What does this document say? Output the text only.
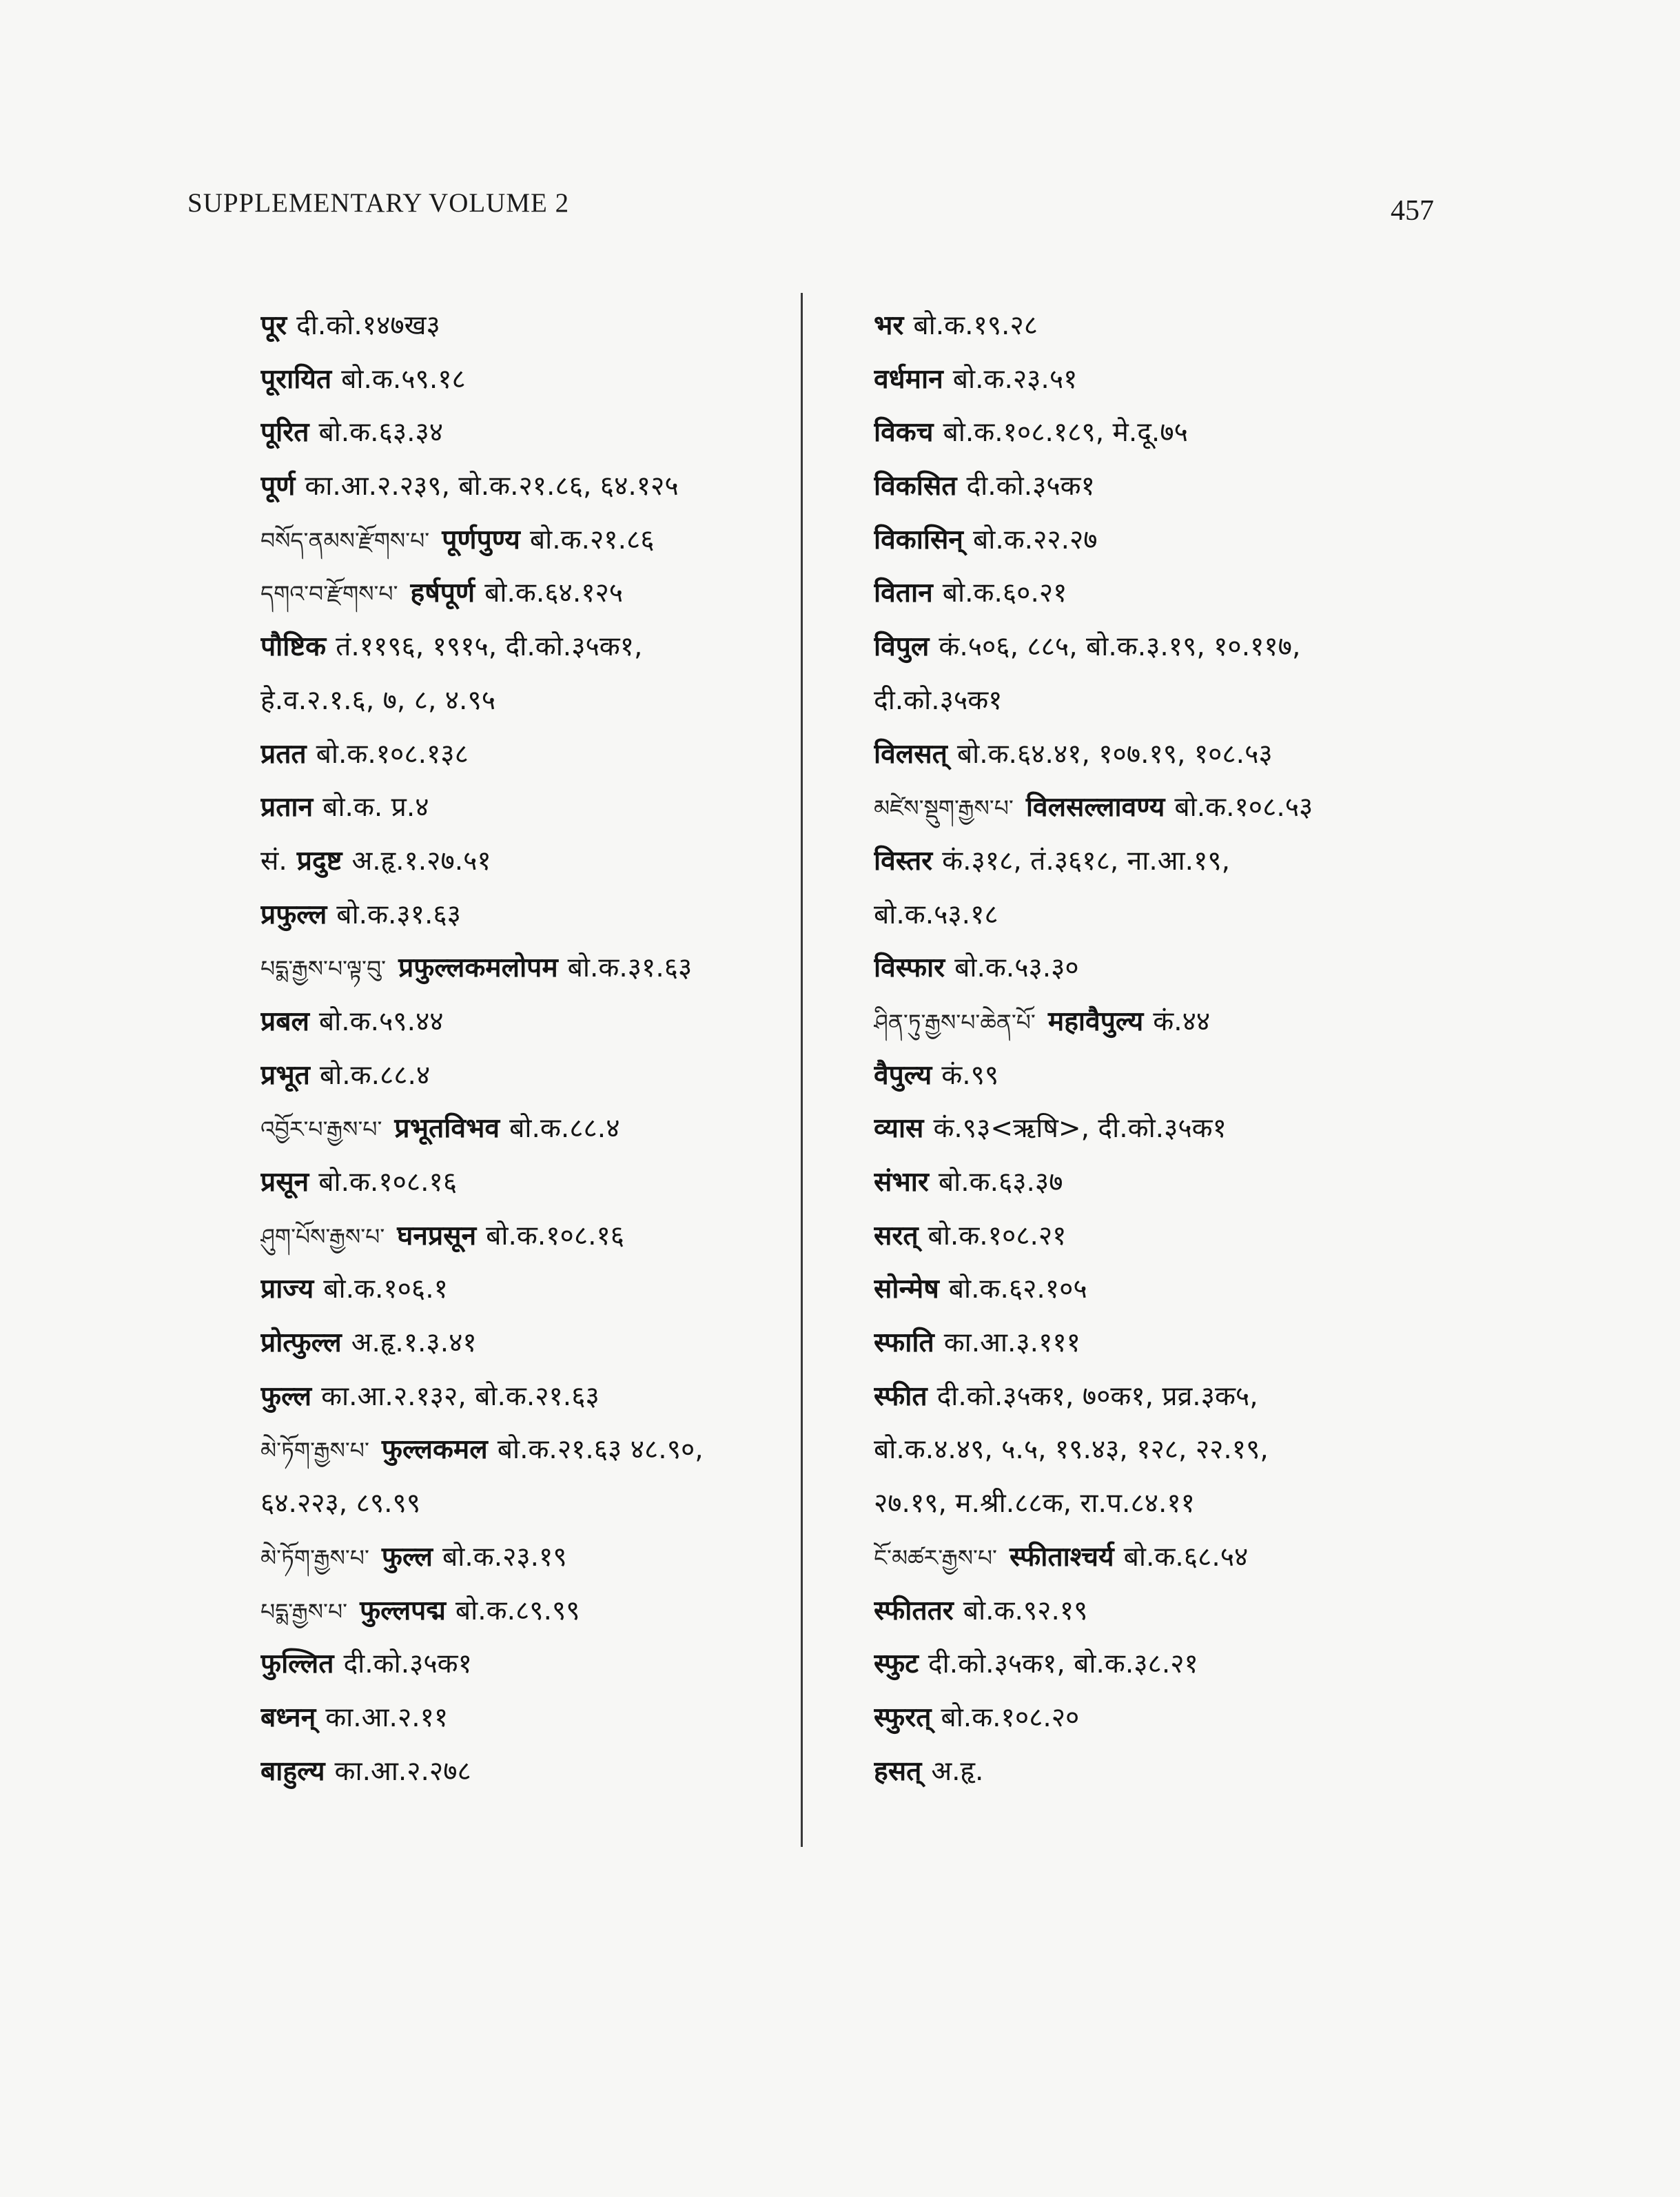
SUPPLEMENTARY VOLUME 2	457
पूर दी.को.१४७ख३
पूरायित बो.क.५९.१८
पूरित बो.क.६३.३४
पूर्ण का.आ.२.२३९, बो.क.२१.८६, ६४.१२५
བསོད་ནམས་རྫོགས་པ་ पूर्णपुण्य बो.क.२१.८६
དགའ་བ་རྫོགས་པ་ हर्षपूर्ण बो.क.६४.१२५
पौष्टिक तं.११९६, १९१५, दी.को.३५क१,
हे.व.२.१.६, ७, ८, ४.९५
प्रतत बो.क.१०८.१३८
प्रतान बो.क. प्र.४
सं. प्रदुष्ट अ.हृ.१.२७.५१
प्रफुल्ल बो.क.३१.६३
པདྨ་རྒྱས་པ་ལྟ་བུ་ प्रफुल्लकमलोपम बो.क.३१.६३
प्रबल बो.क.५९.४४
प्रभूत बो.क.८८.४
འབྱོར་པ་རྒྱས་པ་ प्रभूतविभव बो.क.८८.४
प्रसून बो.क.१०८.१६
ཤུག་པོས་རྒྱས་པ་ घनप्रसून बो.क.१०८.१६
प्राज्य बो.क.१०६.१
प्रोत्फुल्ल अ.हृ.१.३.४१
फुल्ल का.आ.२.१३२, बो.क.२१.६३
མེ་ཏོག་རྒྱས་པ་ फुल्लकमल बो.क.२१.६३ ४८.९०,
६४.२२३, ८९.९९
མེ་ཏོག་རྒྱས་པ་ फुल्ल बो.क.२३.१९
པདྨ་རྒྱས་པ་ फुल्लपद्म बो.क.८९.९९
फुल्लित दी.को.३५क१
बध्नन् का.आ.२.११
बाहुल्य का.आ.२.२७८
भर बो.क.१९.२८
वर्धमान बो.क.२३.५१
विकच बो.क.१०८.१८९, मे.दू.७५
विकसित दी.को.३५क१
विकासिन् बो.क.२२.२७
वितान बो.क.६०.२१
विपुल कं.५०६, ८८५, बो.क.३.१९, १०.११७,
दी.को.३५क१
विलसत् बो.क.६४.४१, १०७.१९, १०८.५३
མཛེས་སྡུག་རྒྱས་པ་ विलसल्लावण्य बो.क.१०८.५३
विस्तर कं.३१८, तं.३६१८, ना.आ.१९,
बो.क.५३.१८
विस्फार बो.क.५३.३०
ཤིན་ཏུ་རྒྱས་པ་ཆེན་པོ་ महावैपुल्य कं.४४
वैपुल्य कं.९९
व्यास कं.९३<ऋषि>, दी.को.३५क१
संभार बो.क.६३.३७
सरत् बो.क.१०८.२१
सोन्मेष बो.क.६२.१०५
स्फाति का.आ.३.१११
स्फीत दी.को.३५क१, ७०क१, प्रव्र.३क५,
बो.क.४.४९, ५.५, १९.४३, १२८, २२.१९,
२७.१९, म.श्री.८८क, रा.प.८४.११
ངོ་མཚར་རྒྱས་པ་ स्फीताश्चर्य बो.क.६८.५४
स्फीततर बो.क.९२.१९
स्फुट दी.को.३५क१, बो.क.३८.२१
स्फुरत् बो.क.१०८.२०
हसत् अ.हृ.
